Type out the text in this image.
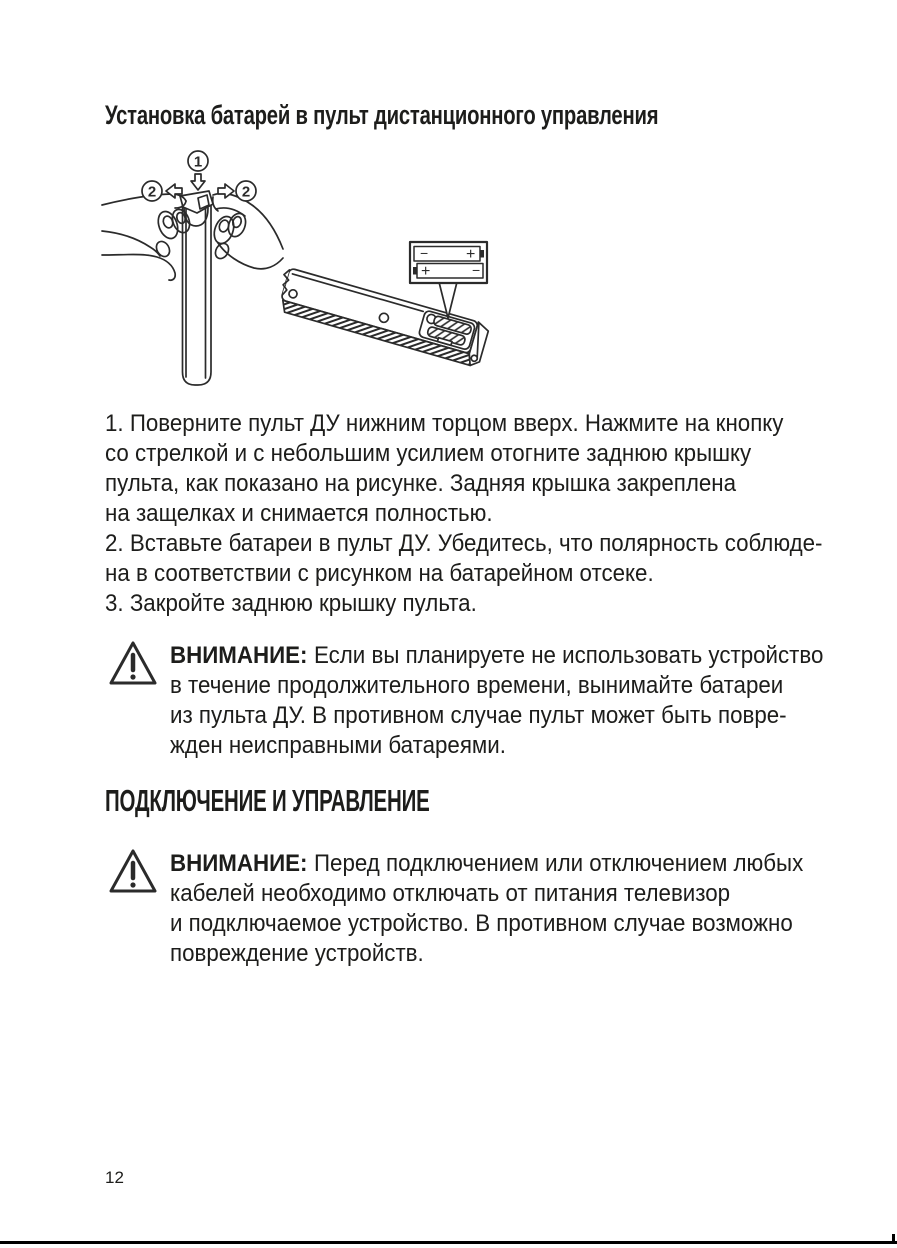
Установка батарей в пульт дистанционного управления
1
2	2
− +
+	−
1. Поверните пульт ДУ нижним торцом вверх. Нажмите на кнопку
со стрелкой и с небольшим усилием отогните заднюю крышку
пульта, как показано на рисунке. Задняя крышка закреплена
на защелках и снимается полностью.
2. Вставьте батареи в пульт ДУ. Убедитесь, что полярность соблюде-
на в соответствии с рисунком на батарейном отсеке.
3. Закройте заднюю крышку пульта.
ВНИМАНИЕ: Если вы планируете не использовать устройство
в течение продолжительного времени, вынимайте батареи
из пульта ДУ. В противном случае пульт может быть повре-
жден неисправными батареями.
ПОДКЛЮЧЕНИЕ И УПРАВЛЕНИЕ
ВНИМАНИЕ: Перед подключением или отключением любых
кабелей необходимо отключать от питания телевизор
и подключаемое устройство. В противном случае возможно
повреждение устройств.
12
